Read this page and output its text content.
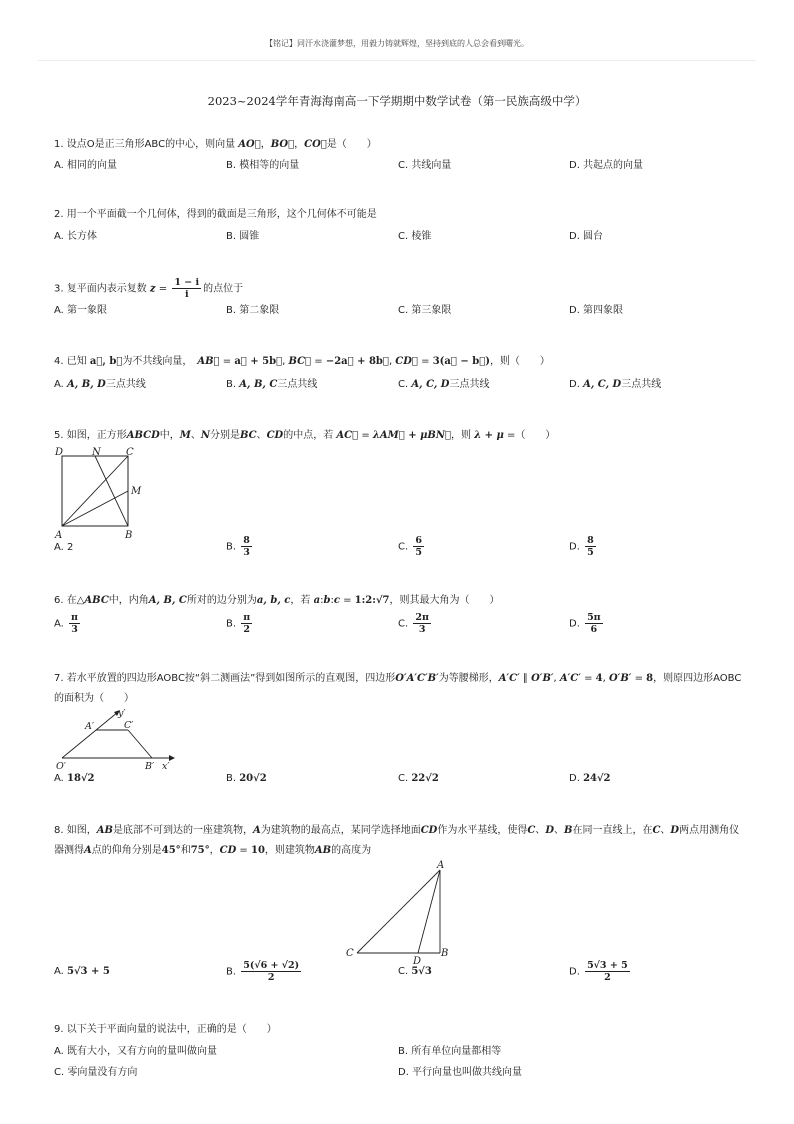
【铭记】同汗水浇灌梦想，用毅力铸就辉煌，坚持到底的人总会看到曙光。
2023~2024学年青海海南高一下学期期中数学试卷（第一民族高级中学）
1. 设点O是正三角形ABC的中心，则向量 AO⃗，BO⃗，CO⃗是（　　）
A. 相同的向量	B. 模相等的向量	C. 共线向量	D. 共起点的向量
2. 用一个平面截一个几何体，得到的截面是三角形，这个几何体不可能是
A. 长方体	B. 圆锥	C. 棱锥	D. 圆台
3. 复平面内表示复数 $z = \frac{1 - i}{i}$ 的点位于
A. 第一象限	B. 第二象限	C. 第三象限	D. 第四象限
4. 已知 a⃗, b⃗为不共线向量，　AB⃗ = a⃗ + 5b⃗, BC⃗ = −2a⃗ + 8b⃗, CD⃗ = 3(a⃗ − b⃗)，则（　　）
A. A, B, D三点共线	B. A, B, C三点共线	C. A, C, D三点共线	D. A, C, D三点共线
5. 如图，正方形ABCD中，M、N分别是BC、CD的中点，若 AC⃗ = λAM⃗ + μBN⃗，则 λ + μ =（　　）
D	N	C
M
A	B
A. 2	B. $\frac{8}{3}$	C. $\frac{6}{5}$	D. $\frac{8}{5}$
6. 在△ABC中，内角A, B, C所对的边分别为a, b, c，若 a:b:c = 1:2:√7，则其最大角为（　　）
A. $\frac{\pi}{3}$	B. $\frac{\pi}{2}$	C. $\frac{2\pi}{3}$	D. $\frac{5\pi}{6}$
7. 若水平放置的四边形AOBC按“斜二测画法”得到如图所示的直观图，四边形O′A′C′B′为等腰梯形，A′C′ ∥ O′B′, A′C′ = 4, O′B′ = 8，则原四边形AOBC的面积为（　　）
A′	C′
y′
O′	B′ x′
A. 18√2	B. 20√2	C. 22√2	D. 24√2
8. 如图，AB是底部不可到达的一座建筑物，A为建筑物的最高点，某同学选择地面CD作为水平基线，使得C、D、B在同一直线上，在C、D两点用测角仪器测得A点的仰角分别是45°和75°，CD = 10，则建筑物AB的高度为
A
C
D
B
A. 5√3 + 5	B. $\frac{5(√6 + √2)}{2}$	C. 5√3	D. $\frac{5√3 + 5}{2}$
9. 以下关于平面向量的说法中，正确的是（　　）
A. 既有大小，又有方向的量叫做向量	B. 所有单位向量都相等
C. 零向量没有方向	D. 平行向量也叫做共线向量
